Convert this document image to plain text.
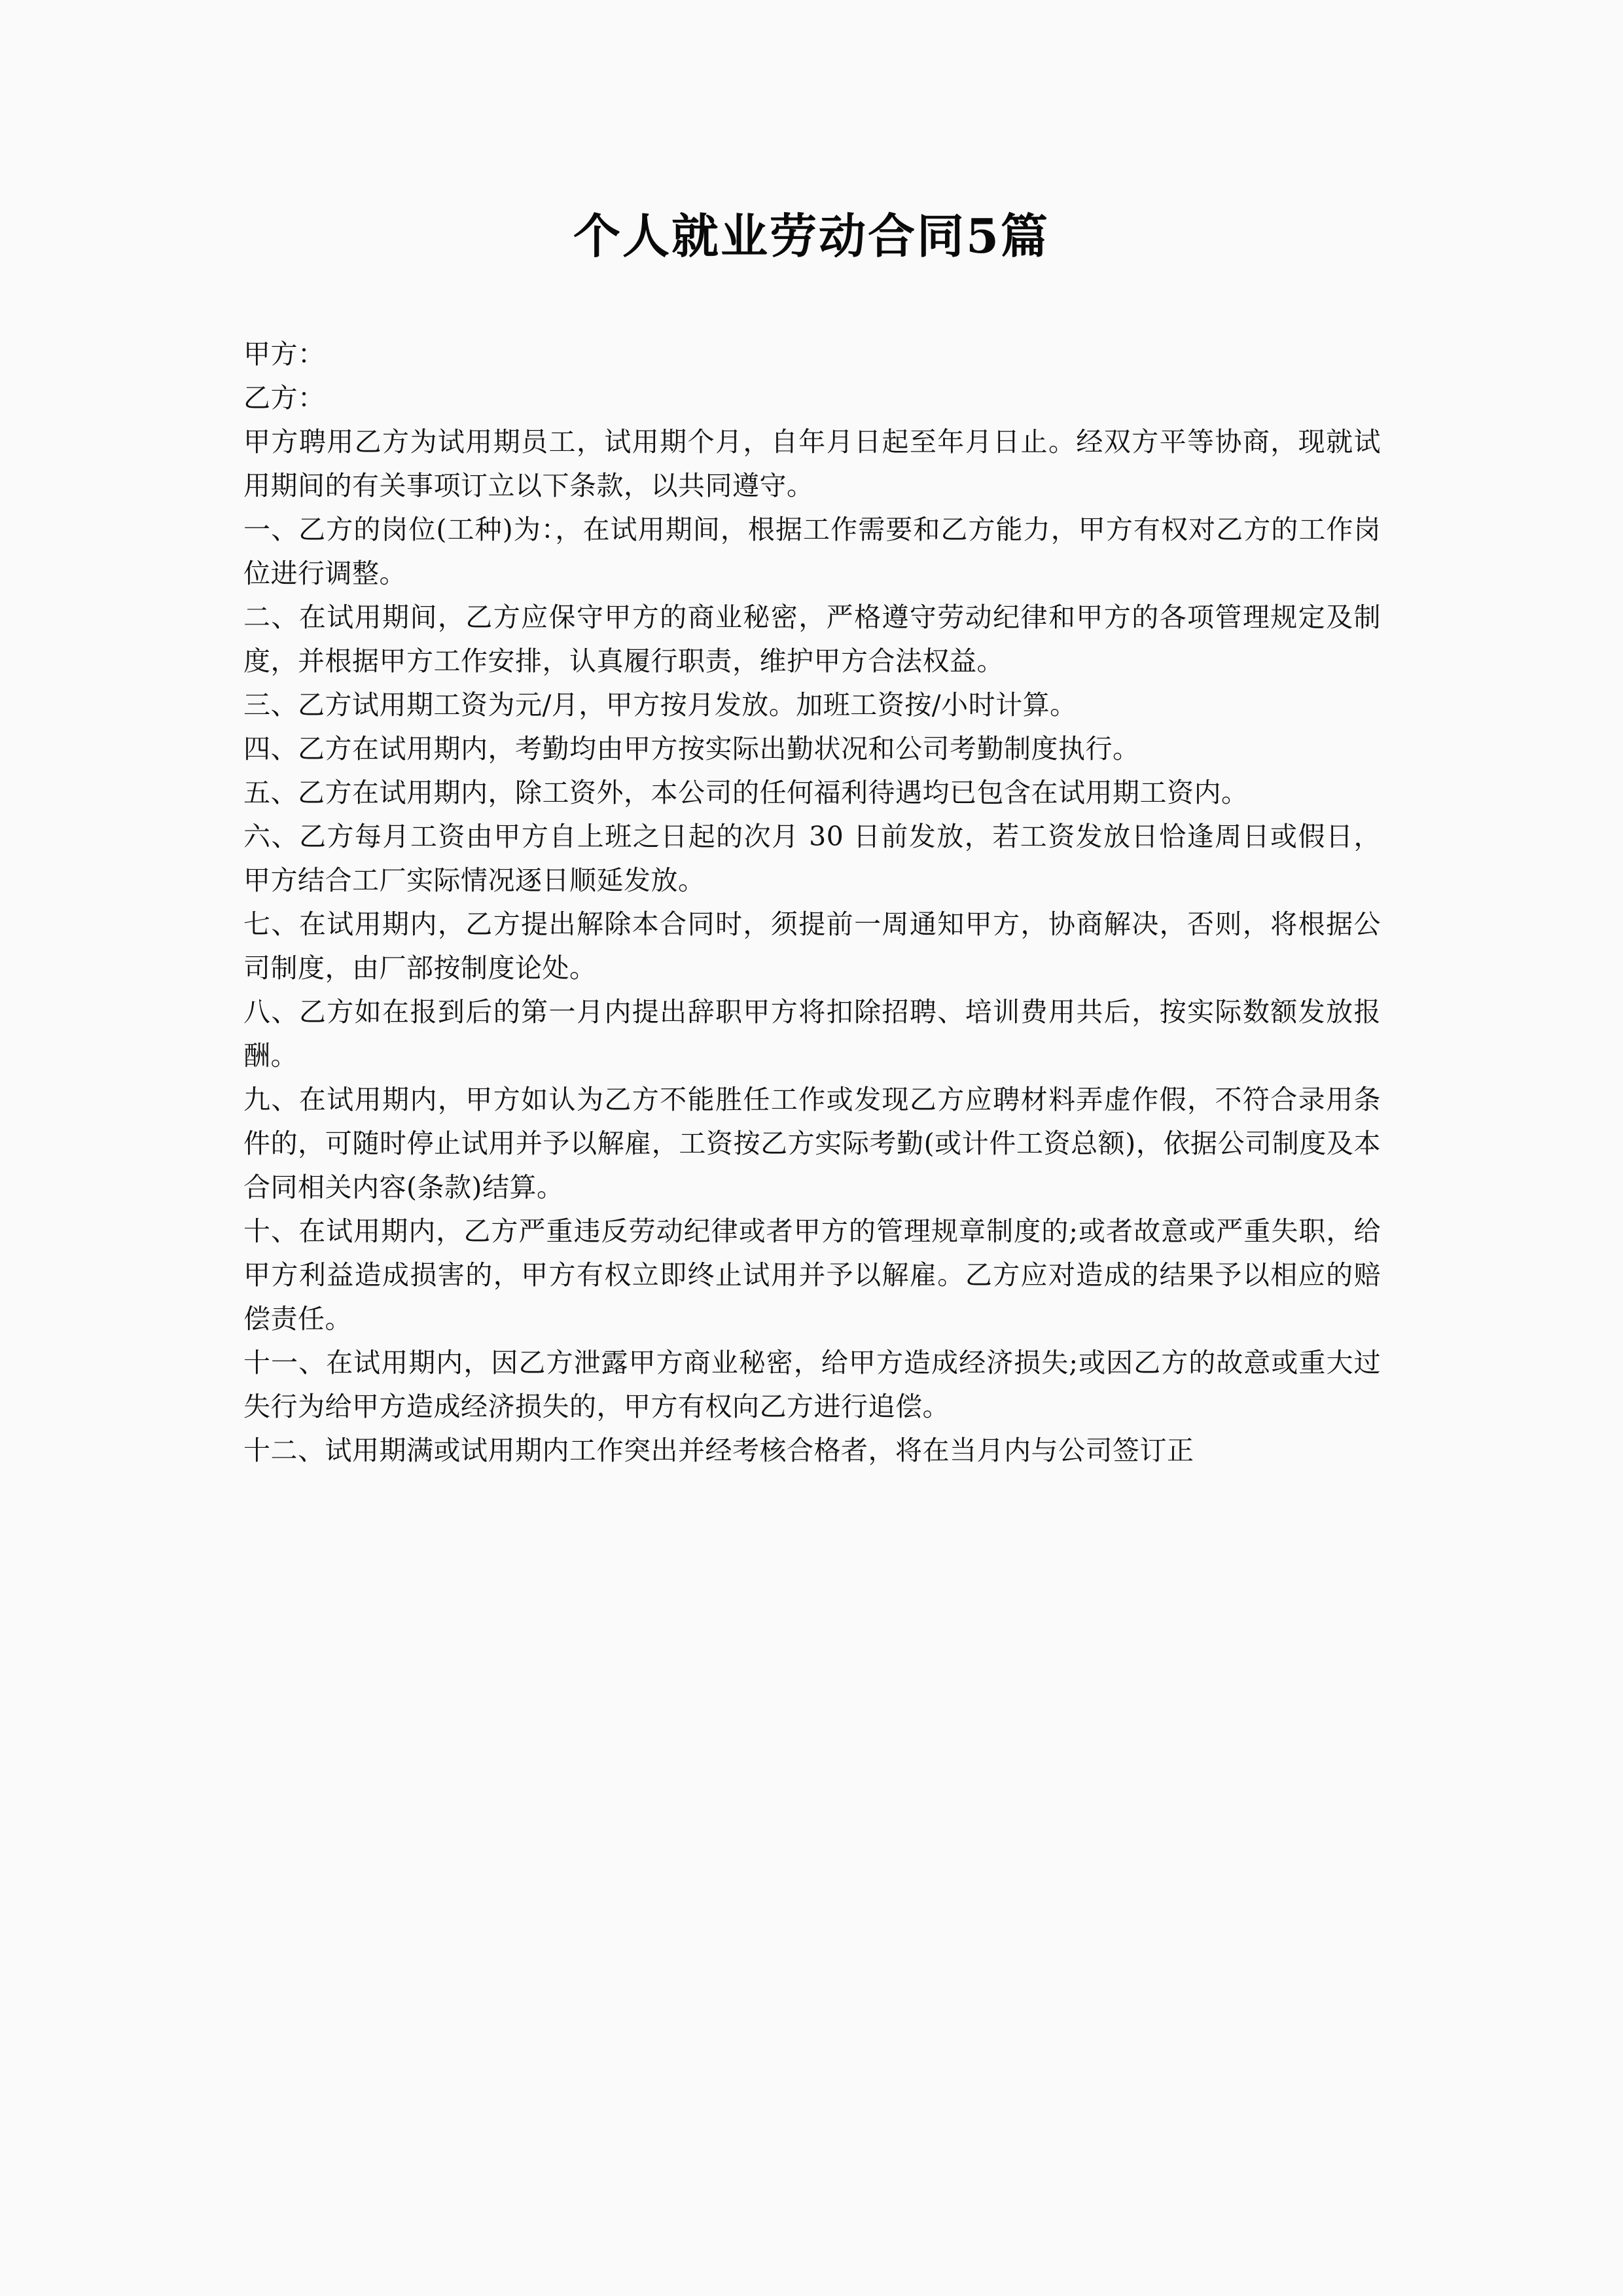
个人就业劳动合同5篇

甲方：

乙方：

甲方聘用乙方为试用期员工，试用期个月，自年月日起至年月日止。经双方平等协商，现就试用期间的有关事项订立以下条款，以共同遵守。

一、乙方的岗位(工种)为：，在试用期间，根据工作需要和乙方能力，甲方有权对乙方的工作岗位进行调整。

二、在试用期间，乙方应保守甲方的商业秘密，严格遵守劳动纪律和甲方的各项管理规定及制度，并根据甲方工作安排，认真履行职责，维护甲方合法权益。

三、乙方试用期工资为元/月，甲方按月发放。加班工资按/小时计算。

四、乙方在试用期内，考勤均由甲方按实际出勤状况和公司考勤制度执行。

五、乙方在试用期内，除工资外，本公司的任何福利待遇均已包含在试用期工资内。

六、乙方每月工资由甲方自上班之日起的次月 30 日前发放，若工资发放日恰逢周日或假日，甲方结合工厂实际情况逐日顺延发放。

七、在试用期内，乙方提出解除本合同时，须提前一周通知甲方，协商解决，否则，将根据公司制度，由厂部按制度论处。

八、乙方如在报到后的第一月内提出辞职甲方将扣除招聘、培训费用共后，按实际数额发放报酬。

九、在试用期内，甲方如认为乙方不能胜任工作或发现乙方应聘材料弄虚作假，不符合录用条件的，可随时停止试用并予以解雇，工资按乙方实际考勤(或计件工资总额)，依据公司制度及本合同相关内容(条款)结算。

十、在试用期内，乙方严重违反劳动纪律或者甲方的管理规章制度的;或者故意或严重失职，给甲方利益造成损害的，甲方有权立即终止试用并予以解雇。乙方应对造成的结果予以相应的赔偿责任。

十一、在试用期内，因乙方泄露甲方商业秘密，给甲方造成经济损失;或因乙方的故意或重大过失行为给甲方造成经济损失的，甲方有权向乙方进行追偿。

十二、试用期满或试用期内工作突出并经考核合格者，将在当月内与公司签订正
